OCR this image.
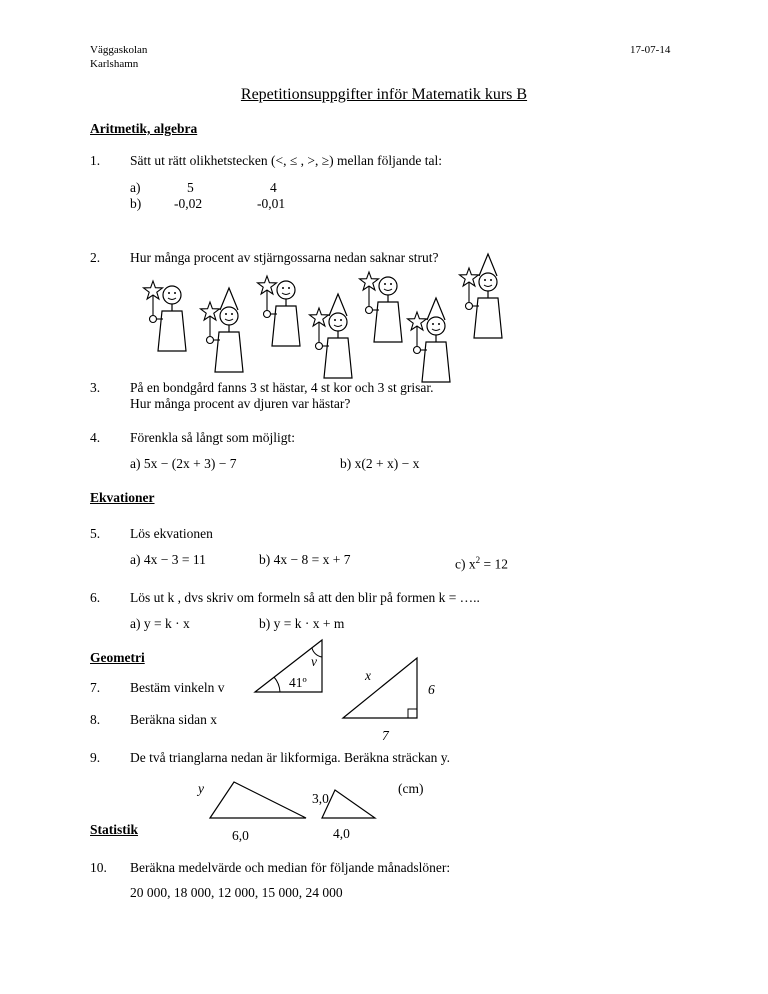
Väggaskolan
Karlshamn
17-07-14
Repetitionsuppgifter inför Matematik kurs B
Aritmetik, algebra
1. Sätt ut rätt olikhetstecken (<, ≤ , >, ≥) mellan följande tal:
a)	5	4
b) -0,02	-0,01
2. Hur många procent av stjärngossarna nedan saknar strut?
3. På en bondgård fanns 3 st hästar, 4 st kor och 3 st grisar.
Hur många procent av djuren var hästar?
4. Förenkla så långt som möjligt:
a) 5x − (2x + 3) − 7	b) x(2 + x) − x
Ekvationer
5. Lös ekvationen
a) 4x − 3 = 11	b) 4x − 8 = x + 7	c) $x^2 = 12$
6. Lös ut k , dvs skriv om formeln så att den blir på formen k = …..
a) y = k · x	b) y = k · x + m
Geometri
41º
v
x
6
7
7. Bestäm vinkeln v
8. Beräkna sidan x
9. De två trianglarna nedan är likformiga. Beräkna sträckan y.
y
3,0
(cm)
6,0	4,0
Statistik
10. Beräkna medelvärde och median för följande månadslöner:
20 000, 18 000, 12 000, 15 000, 24 000
